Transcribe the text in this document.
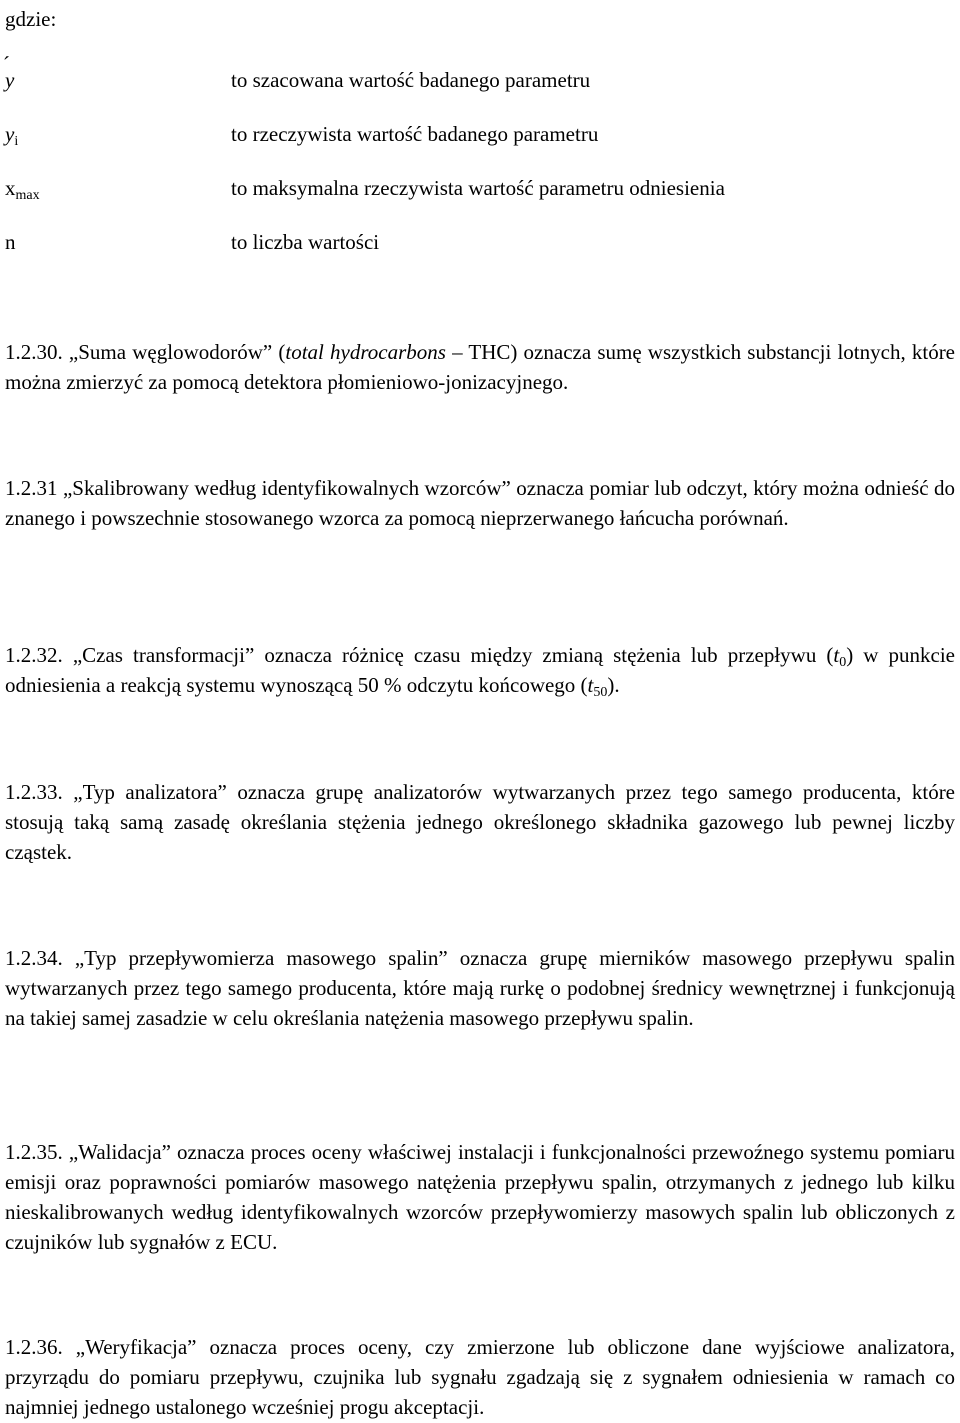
gdzie:
y	to szacowana wartość badanego parametru
$y_i$	to rzeczywista wartość badanego parametru
$x_{max}$	to maksymalna rzeczywista wartość parametru odniesienia
n	to liczba wartości

1.2.30. „Suma węglowodorów” (total hydrocarbons – THC) oznacza sumę wszystkich substancji lotnych, które można zmierzyć za pomocą detektora płomieniowo-jonizacyjnego.

1.2.31 „Skalibrowany według identyfikowalnych wzorców” oznacza pomiar lub odczyt, który można odnieść do znanego i powszechnie stosowanego wzorca za pomocą nieprzerwanego łańcucha porównań.

1.2.32. „Czas transformacji” oznacza różnicę czasu między zmianą stężenia lub przepływu $(t_0)$ w punkcie odniesienia a reakcją systemu wynoszącą 50 % odczytu końcowego $(t_{50})$.

1.2.33. „Typ analizatora” oznacza grupę analizatorów wytwarzanych przez tego samego producenta, które stosują taką samą zasadę określania stężenia jednego określonego składnika gazowego lub pewnej liczby cząstek.

1.2.34. „Typ przepływomierza masowego spalin” oznacza grupę mierników masowego przepływu spalin wytwarzanych przez tego samego producenta, które mają rurkę o podobnej średnicy wewnętrznej i funkcjonują na takiej samej zasadzie w celu określania natężenia masowego przepływu spalin.

1.2.35. „Walidacja” oznacza proces oceny właściwej instalacji i funkcjonalności przewoźnego systemu pomiaru emisji oraz poprawności pomiarów masowego natężenia przepływu spalin, otrzymanych z jednego lub kilku nieskalibrowanych według identyfikowalnych wzorców przepływomierzy masowych spalin lub obliczonych z czujników lub sygnałów z ECU.

1.2.36. „Weryfikacja” oznacza proces oceny, czy zmierzone lub obliczone dane wyjściowe analizatora, przyrządu do pomiaru przepływu, czujnika lub sygnału zgadzają się z sygnałem odniesienia w ramach co najmniej jednego ustalonego wcześniej progu akceptacji.
